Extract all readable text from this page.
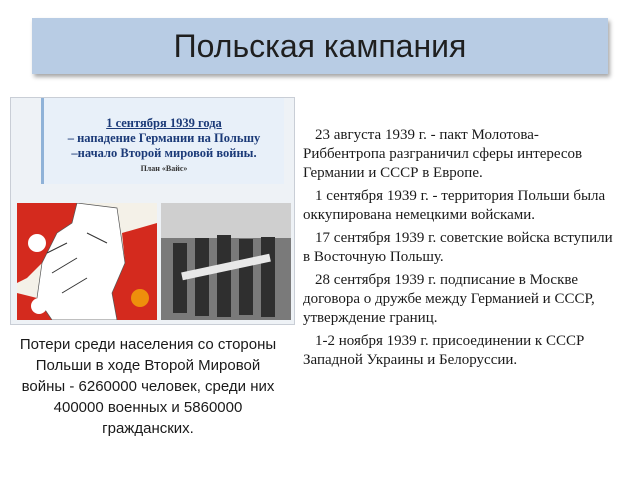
Польская кампания
1 сентября 1939 года
– нападение Германии на Польшу
–начало Второй мировой войны.
План «Вайс»
Потери среди населения со стороны Польши в ходе Второй Мировой войны - 6260000 человек, среди них 400000 военных и 5860000 гражданских.

23 августа 1939 г. - пакт Молотова-Риббентропа разграничил сферы интересов Германии и СССР в Европе.

1 сентября 1939 г. - территория Польши была оккупирована немецкими войсками.

17 сентября 1939 г. советские войска вступили в Восточную Польшу.

28 сентября 1939 г. подписание в Москве договора о дружбе между Германией и СССР, утверждение границ.

1-2 ноября 1939 г. присоединении к СССР Западной Украины и Белоруссии.
